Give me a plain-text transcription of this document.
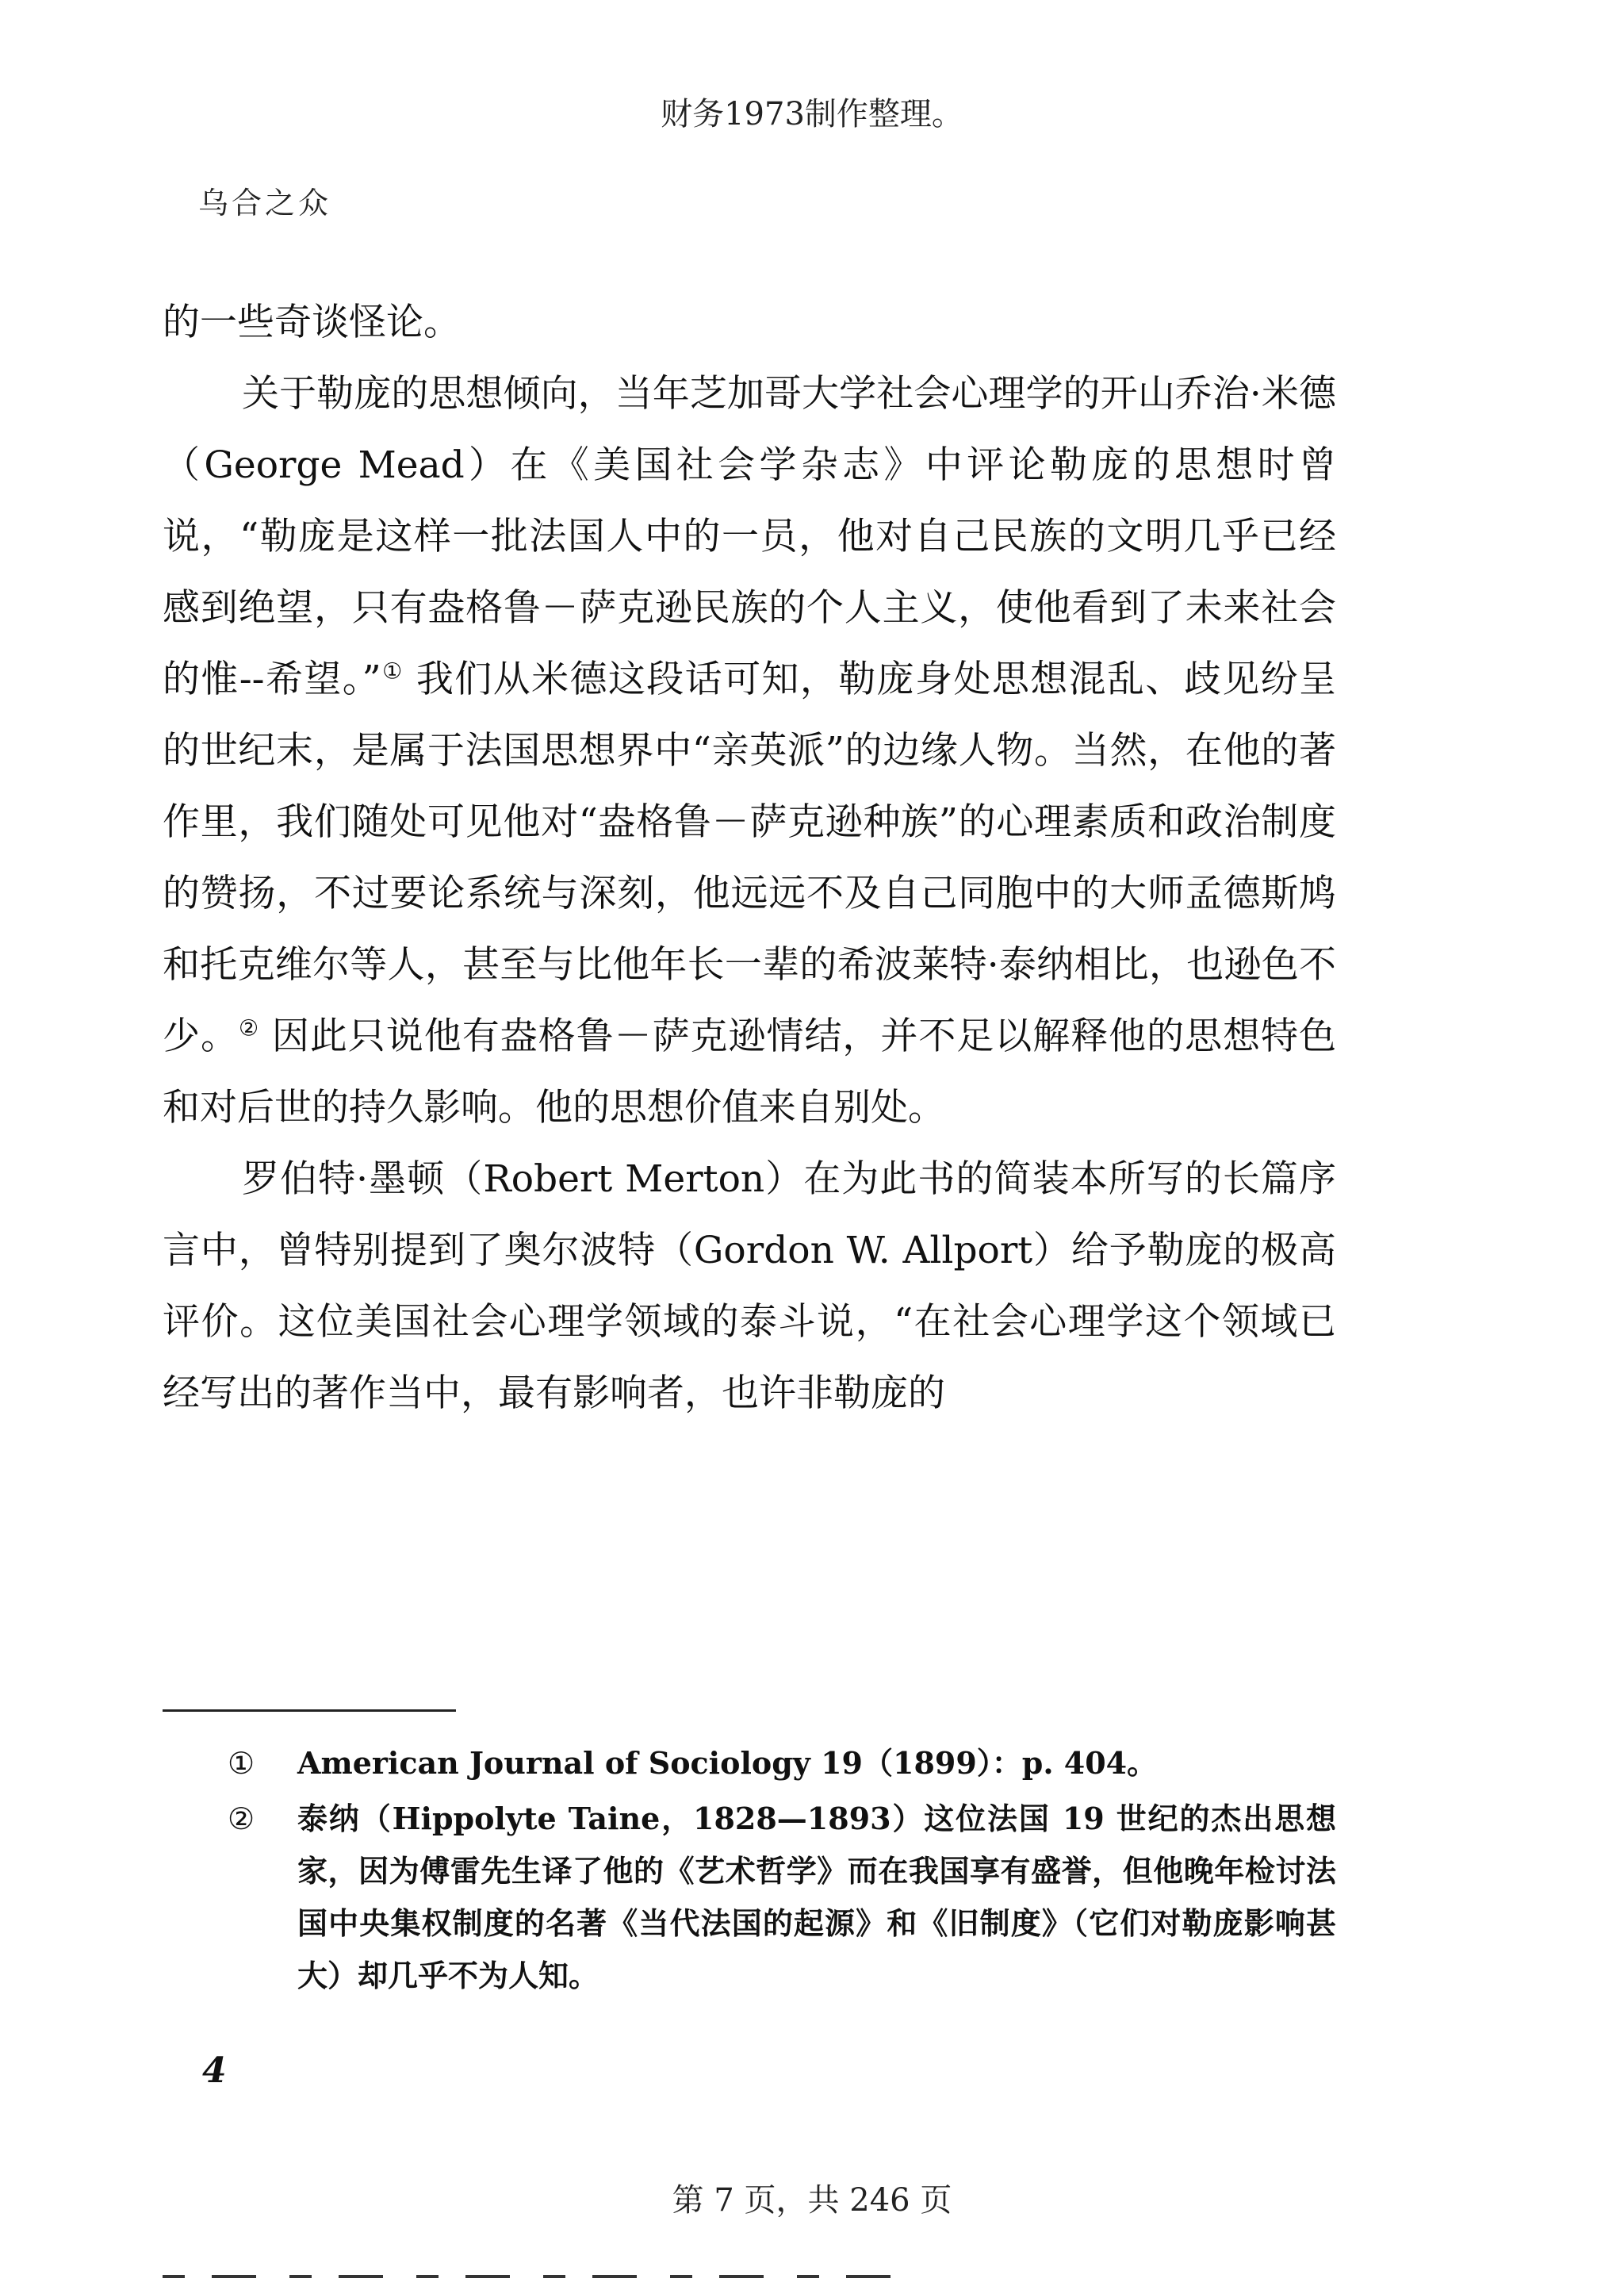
财务1973制作整理。
乌合之众

的一些奇谈怪论。

关于勒庞的思想倾向，当年芝加哥大学社会心理学的开山乔治·米德（George Mead）在《美国社会学杂志》中评论勒庞的思想时曾说，“勒庞是这样一批法国人中的一员，他对自己民族的文明几乎已经感到绝望，只有盎格鲁－萨克逊民族的个人主义，使他看到了未来社会的惟--希望。”① 我们从米德这段话可知，勒庞身处思想混乱、歧见纷呈的世纪末，是属于法国思想界中“亲英派”的边缘人物。当然，在他的著作里，我们随处可见他对“盎格鲁－萨克逊种族”的心理素质和政治制度的赞扬，不过要论系统与深刻，他远远不及自己同胞中的大师孟德斯鸠和托克维尔等人，甚至与比他年长一辈的希波莱特·泰纳相比，也逊色不少。② 因此只说他有盎格鲁－萨克逊情结，并不足以解释他的思想特色和对后世的持久影响。他的思想价值来自别处。

罗伯特·墨顿（Robert Merton）在为此书的简装本所写的长篇序言中，曾特别提到了奥尔波特（Gordon W. Allport）给予勒庞的极高评价。这位美国社会心理学领域的泰斗说，“在社会心理学这个领域已经写出的著作当中，最有影响者，也许非勒庞的

①	American Journal of Sociology 19（1899）：p. 404。
②	泰纳（Hippolyte Taine，1828—1893）这位法国 19 世纪的杰出思想家，因为傅雷先生译了他的《艺术哲学》而在我国享有盛誉，但他晚年检讨法国中央集权制度的名著《当代法国的起源》和《旧制度》（它们对勒庞影响甚大）却几乎不为人知。
4
第 7 页，共 246 页
